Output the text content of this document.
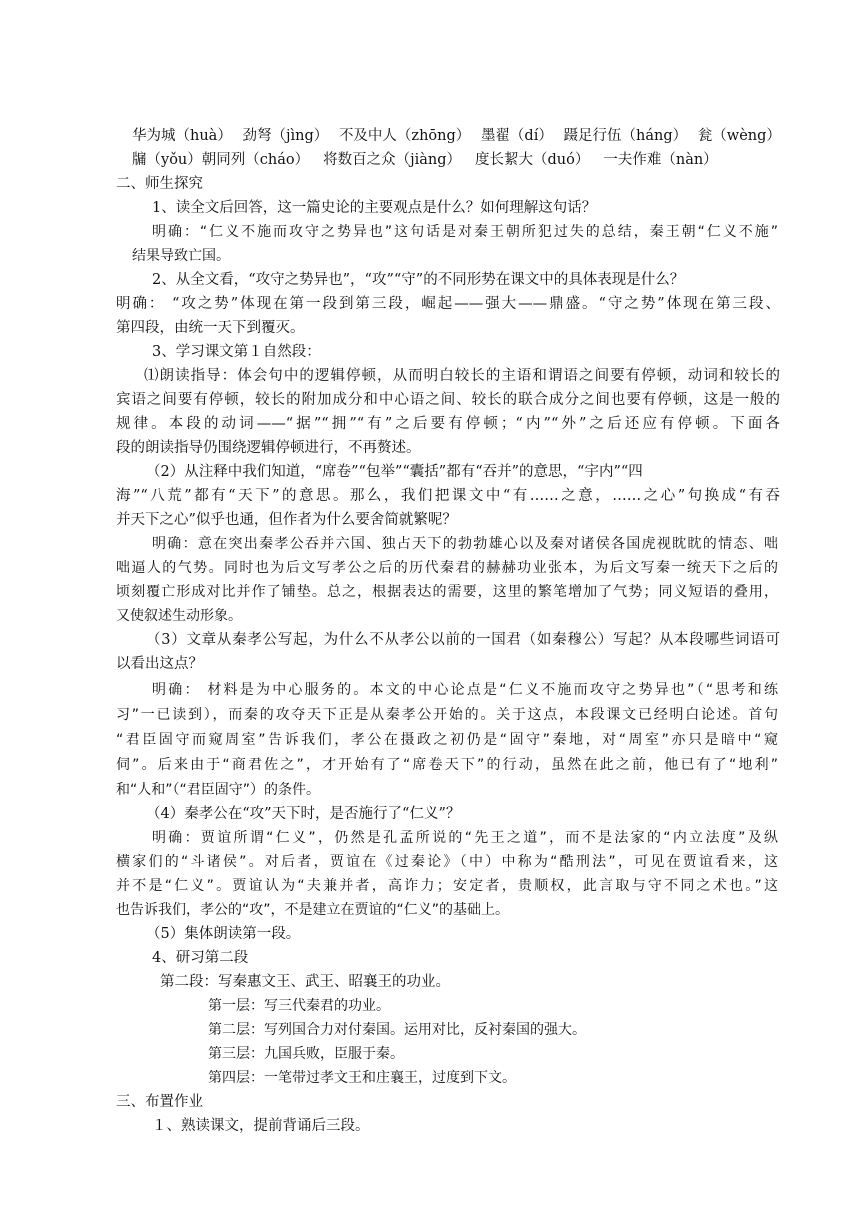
华为城（huà） 劲弩（jìng） 不及中人（zhōng） 墨翟（dí） 蹑足行伍（háng） 瓮（wèng）
牖（yǒu）朝同列（cháo） 将数百之众（jiàng） 度长絜大（duó） 一夫作难（nàn）
二、师生探究
1、读全文后回答，这一篇史论的主要观点是什么？如何理解这句话？
明确：“仁义不施而攻守之势异也”这句话是对秦王朝所犯过失的总结，秦王朝“仁义不施”
结果导致亡国。
2、从全文看，“攻守之势异也”，“攻”“守”的不同形势在课文中的具体表现是什么？
明确： “攻之势”体现在第一段到第三段，崛起——强大——鼎盛。“守之势”体现在第三段、
第四段，由统一天下到覆灭。
3、学习课文第１自然段：
⑴朗读指导：体会句中的逻辑停顿，从而明白较长的主语和谓语之间要有停顿，动词和较长的
宾语之间要有停顿，较长的附加成分和中心语之间、较长的联合成分之间也要有停顿，这是一般的
规律。本段的动词——“据”“拥”“有”之后要有停顿；“内”“外”之后还应有停顿。下面各
段的朗读指导仍围绕逻辑停顿进行，不再赘述。
（2）从注释中我们知道，“席卷”“包举”“囊括”都有“吞并”的意思，“宇内”“四
海”“八荒”都有“天下”的意思。那么，我们把课文中“有……之意，……之心”句换成“有吞
并天下之心”似乎也通，但作者为什么要舍简就繁呢？
明确：意在突出秦孝公吞并六国、独占天下的勃勃雄心以及秦对诸侯各国虎视眈眈的情态、咄
咄逼人的气势。同时也为后文写孝公之后的历代秦君的赫赫功业张本，为后文写秦一统天下之后的
顷刻覆亡形成对比并作了铺垫。总之，根据表达的需要，这里的繁笔增加了气势；同义短语的叠用，
又使叙述生动形象。
（3）文章从秦孝公写起，为什么不从孝公以前的一国君（如秦穆公）写起？从本段哪些词语可
以看出这点？
明确： 材料是为中心服务的。本文的中心论点是“仁义不施而攻守之势异也”（“思考和练
习”一已读到），而秦的攻夺天下正是从秦孝公开始的。关于这点，本段课文已经明白论述。首句
“君臣固守而窥周室”告诉我们，孝公在摄政之初仍是“固守”秦地，对“周室”亦只是暗中“窥
伺”。后来由于“商君佐之”，才开始有了“席卷天下”的行动，虽然在此之前，他已有了“地利”
和“人和”（“君臣固守”）的条件。
（4）秦孝公在“攻”天下时，是否施行了“仁义”？
明确：贾谊所谓“仁义”，仍然是孔孟所说的“先王之道”，而不是法家的“内立法度”及纵
横家们的“斗诸侯”。对后者，贾谊在《过秦论》（中）中称为“酷刑法”，可见在贾谊看来，这
并不是“仁义”。贾谊认为“夫兼并者，高诈力；安定者，贵顺权，此言取与守不同之术也。”这
也告诉我们，孝公的“攻”，不是建立在贾谊的“仁义”的基础上。
（5）集体朗读第一段。
4、研习第二段
第二段：写秦惠文王、武王、昭襄王的功业。
第一层：写三代秦君的功业。
第二层：写列国合力对付秦国。运用对比，反衬秦国的强大。
第三层：九国兵败，臣服于秦。
第四层：一笔带过孝文王和庄襄王，过度到下文。
三、布置作业
１、熟读课文，提前背诵后三段。
